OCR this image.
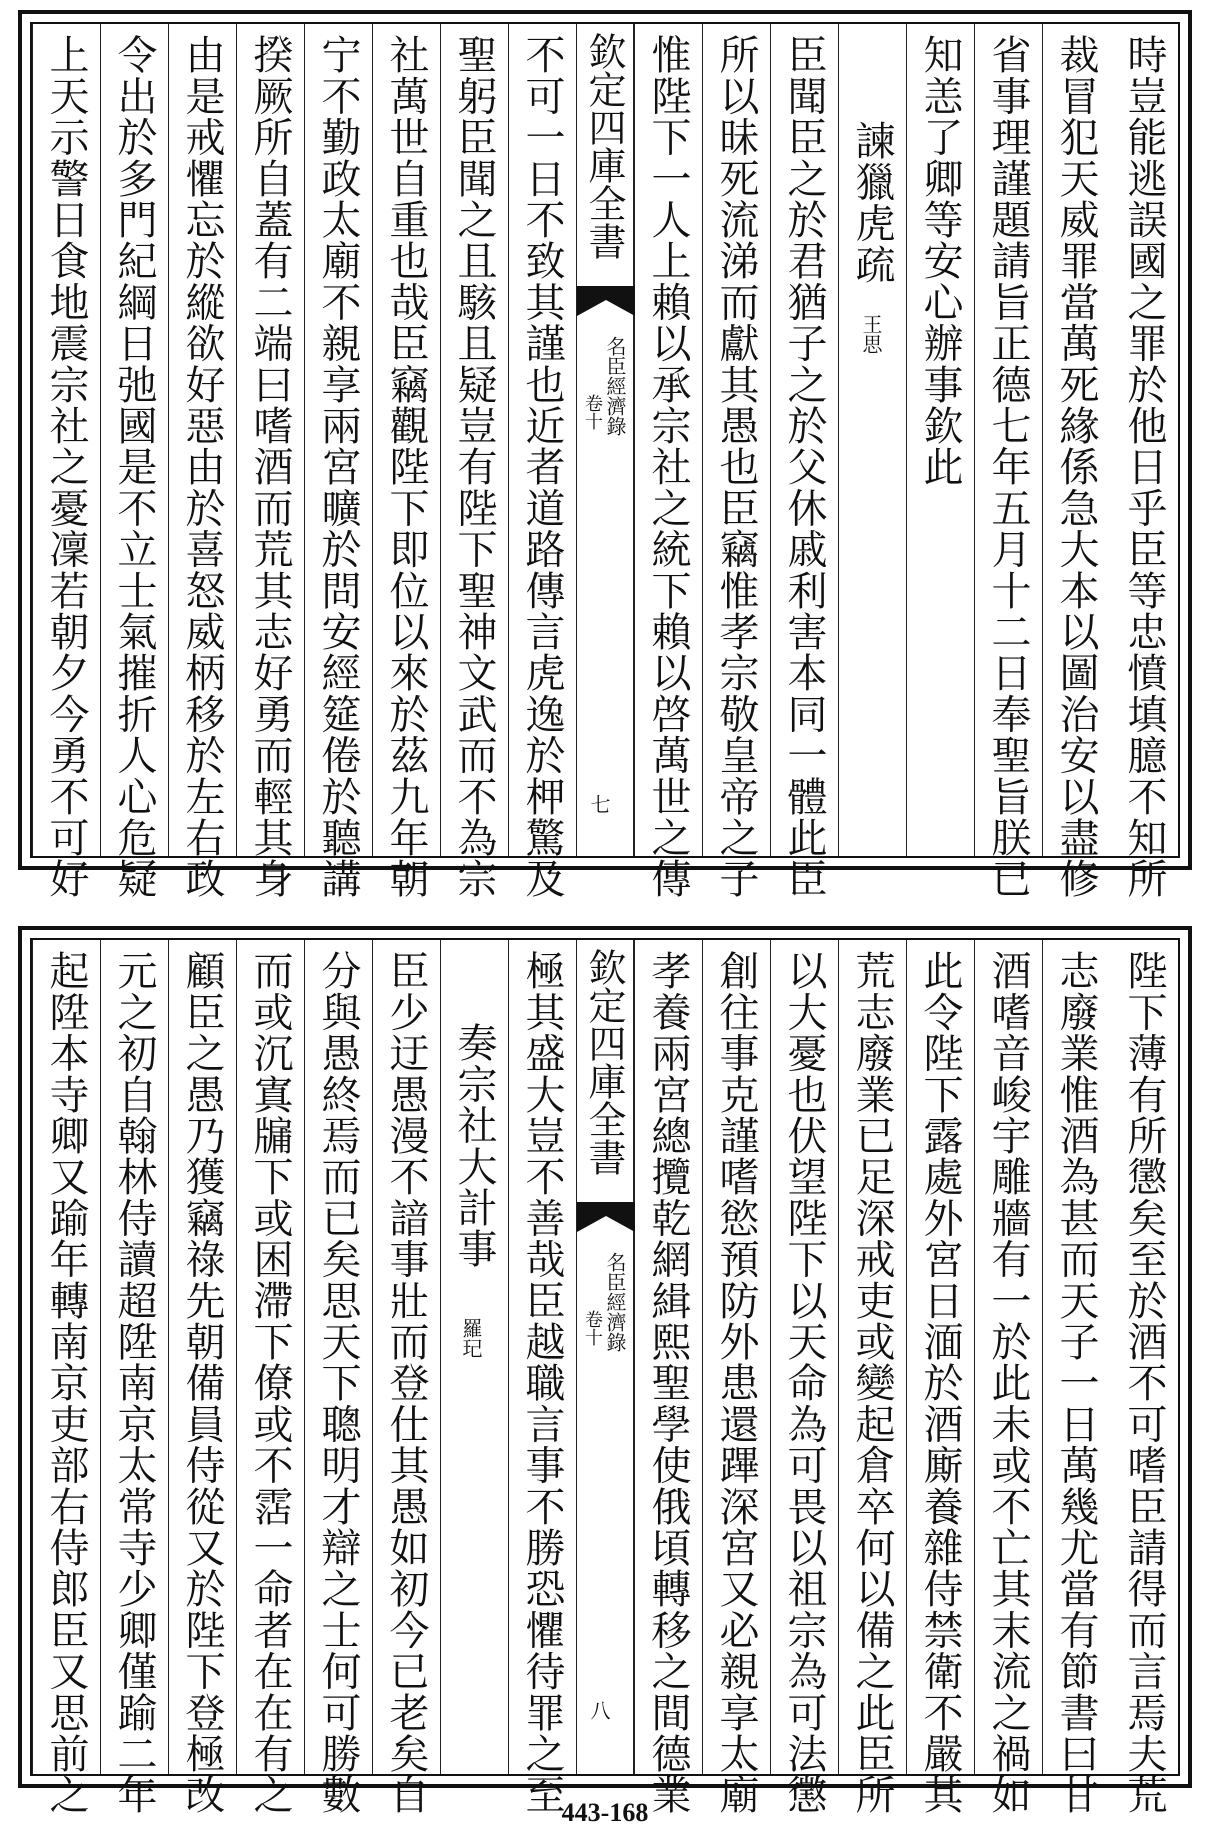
時豈能逃誤國之罪於他日乎臣等忠憤填臆不知所
裁冒犯天威罪當萬死緣係急大本以圖治安以盡修
省事理謹題請旨正德七年五月十二日奉聖旨朕已
知恙了卿等安心辦事欽此
諫獵虎疏
王思
臣聞臣之於君猶子之於父休戚利害本同一體此臣
所以昧死流涕而獻其愚也臣竊惟孝宗敬皇帝之子
惟陛下一人上賴以承宗社之統下賴以啓萬世之傳
欽定四庫全書
名臣經濟錄
卷十
七
不可一日不致其謹也近者道路傳言虎逸於柙驚及
聖躬臣聞之且駭且疑豈有陛下聖神文武而不為宗
社萬世自重也哉臣竊觀陛下即位以來於茲九年朝
宁不勤政太廟不親享兩宮曠於問安經筵倦於聽講
揆厥所自蓋有二端曰嗜酒而荒其志好勇而輕其身
由是戒懼忘於縱欲好惡由於喜怒威柄移於左右政
令出於多門紀綱日弛國是不立士氣摧折人心危疑
上天示警日食地震宗社之憂凜若朝夕今勇不可好
陛下薄有所懲矣至於酒不可嗜臣請得而言焉夫荒
志廢業惟酒為甚而天子一日萬幾尤當有節書曰甘
酒嗜音峻宇雕牆有一於此未或不亡其末流之禍如
此令陛下露處外宮日湎於酒廝養雜侍禁衛不嚴其
荒志廢業已足深戒吏或變起倉卒何以備之此臣所
以大憂也伏望陛下以天命為可畏以祖宗為可法懲
創往事克謹嗜慾預防外患還蹕深宮又必親享太廟
孝養兩宮總攬乾網緝熙聖學使俄頃轉移之間德業
欽定四庫全書
名臣經濟錄
卷十
八
極其盛大豈不善哉臣越職言事不勝恐懼待罪之至
奏宗社大計事
羅玘
臣少迂愚漫不諳事壯而登仕其愚如初今已老矣自
分與愚終焉而已矣思天下聰明才辯之士何可勝數
而或沉寘牖下或困滯下僚或不霑一命者在在有之
顧臣之愚乃獲竊祿先朝備員侍從又於陛下登極改
元之初自翰林侍讀超陞南京太常寺少卿僅踰二年
起陞本寺卿又踰年轉南京吏部右侍郎臣又思前之	443-168
